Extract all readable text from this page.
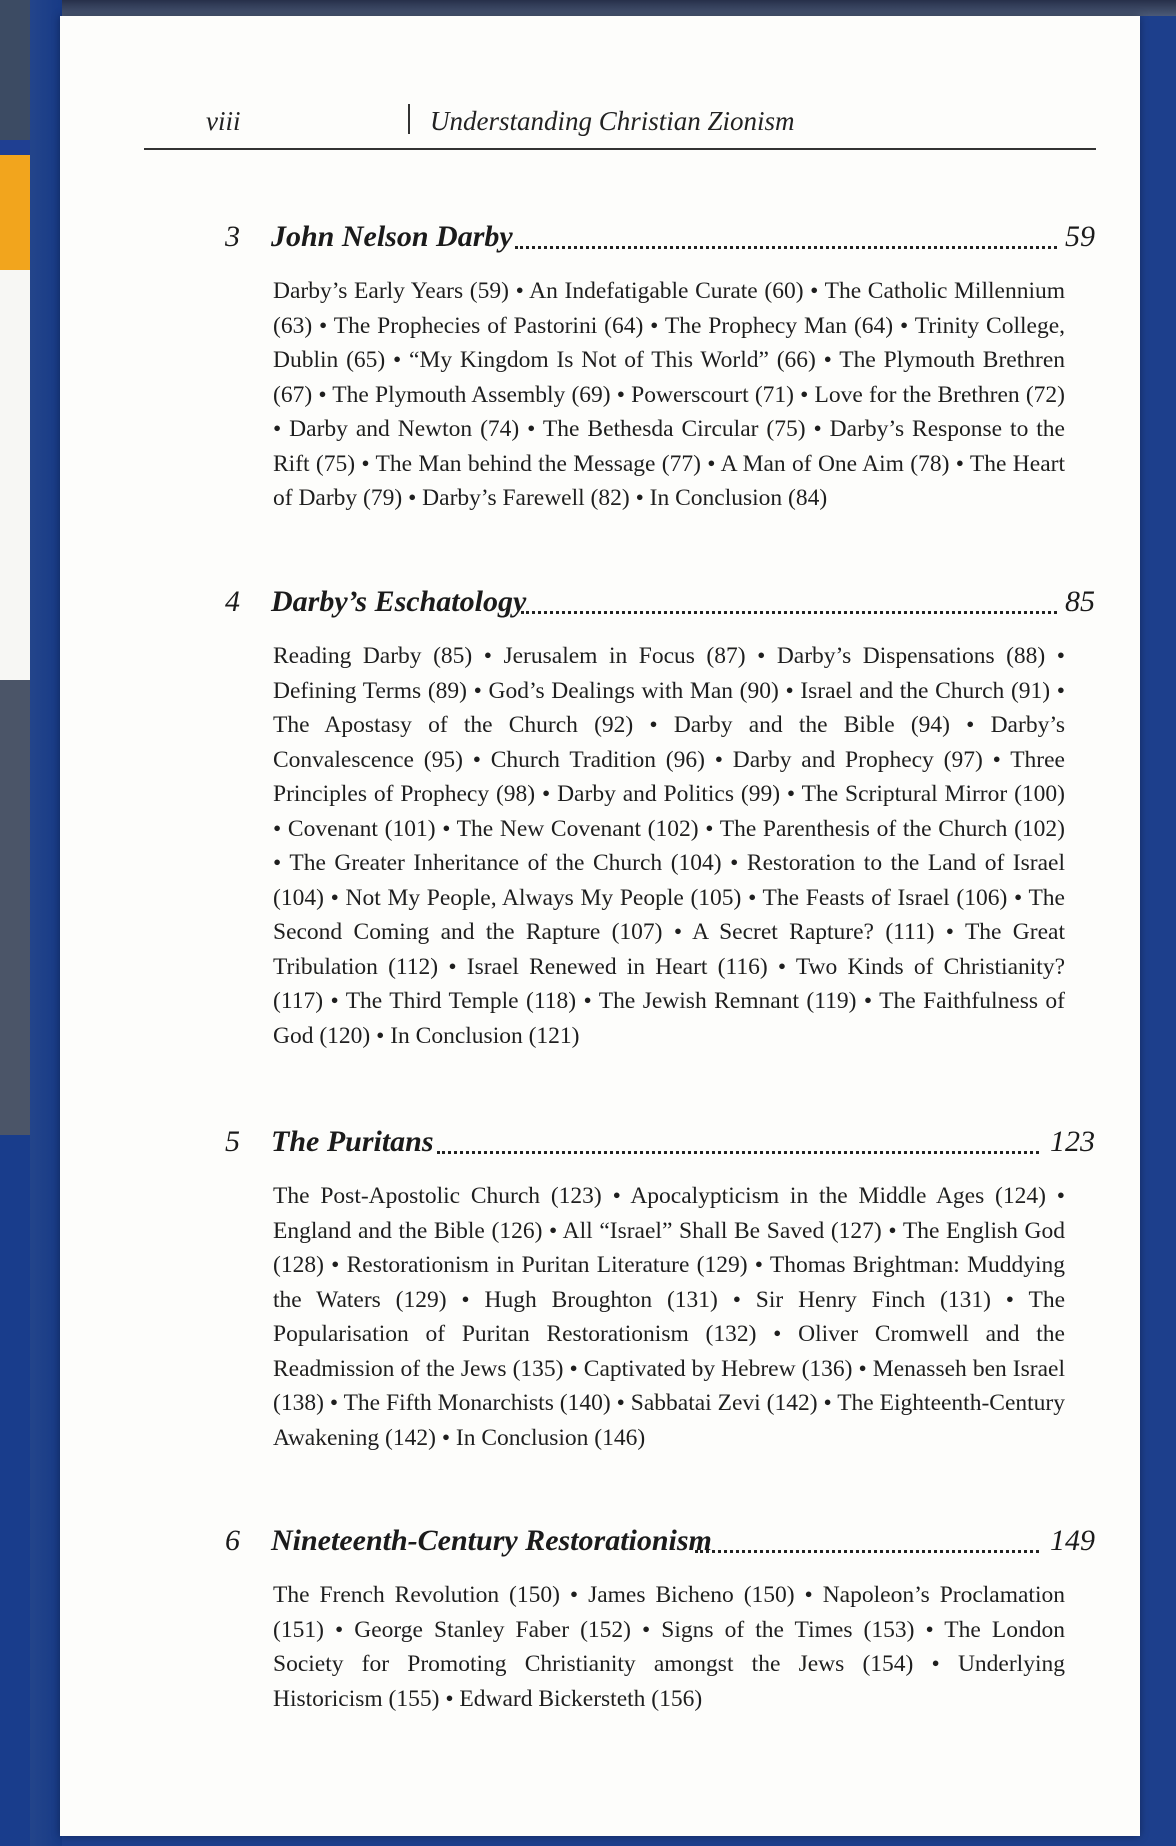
viii	Understanding Christian Zionism
3 John Nelson Darby	59
Darby’s Early Years (59) • An Indefatigable Curate (60) • The Catholic Millennium (63) • The Prophecies of Pastorini (64) • The Prophecy Man (64) • Trinity College, Dublin (65) • “My Kingdom Is Not of This World” (66) • The Plymouth Brethren (67) • The Plymouth Assembly (69) • Powerscourt (71) • Love for the Brethren (72) • Darby and Newton (74) • The Bethesda Circular (75) • Darby’s Response to the Rift (75) • The Man behind the Message (77) • A Man of One Aim (78) • The Heart of Darby (79) • Darby’s Farewell (82) • In Conclusion (84)
4 Darby’s Eschatology	85
Reading Darby (85) • Jerusalem in Focus (87) • Darby’s Dispensations (88) • Defining Terms (89) • God’s Dealings with Man (90) • Israel and the Church (91) • The Apostasy of the Church (92) • Darby and the Bible (94) • Darby’s Convalescence (95) • Church Tradition (96) • Darby and Prophecy (97) • Three Principles of Prophecy (98) • Darby and Politics (99) • The Scriptural Mirror (100) • Covenant (101) • The New Covenant (102) • The Parenthesis of the Church (102) • The Greater Inheritance of the Church (104) • Restoration to the Land of Israel (104) • Not My People, Always My People (105) • The Feasts of Israel (106) • The Second Coming and the Rapture (107) • A Secret Rapture? (111) • The Great Tribulation (112) • Israel Renewed in Heart (116) • Two Kinds of Christianity? (117) • The Third Temple (118) • The Jewish Remnant (119) • The Faithfulness of God (120) • In Conclusion (121)
5 The Puritans	123
The Post-Apostolic Church (123) • Apocalypticism in the Middle Ages (124) • England and the Bible (126) • All “Israel” Shall Be Saved (127) • The English God (128) • Restorationism in Puritan Literature (129) • Thomas Brightman: Muddying the Waters (129) • Hugh Broughton (131) • Sir Henry Finch (131) • The Popularisation of Puritan Restorationism (132) • Oliver Cromwell and the Readmission of the Jews (135) • Captivated by Hebrew (136) • Menasseh ben Israel (138) • The Fifth Monarchists (140) • Sabbatai Zevi (142) • The Eighteenth-Century Awakening (142) • In Conclusion (146)
6 Nineteenth-Century Restorationism	149
The French Revolution (150) • James Bicheno (150) • Napoleon’s Proclamation (151) • George Stanley Faber (152) • Signs of the Times (153) • The London Society for Promoting Christianity amongst the Jews (154) • Underlying Historicism (155) • Edward Bickersteth (156)
